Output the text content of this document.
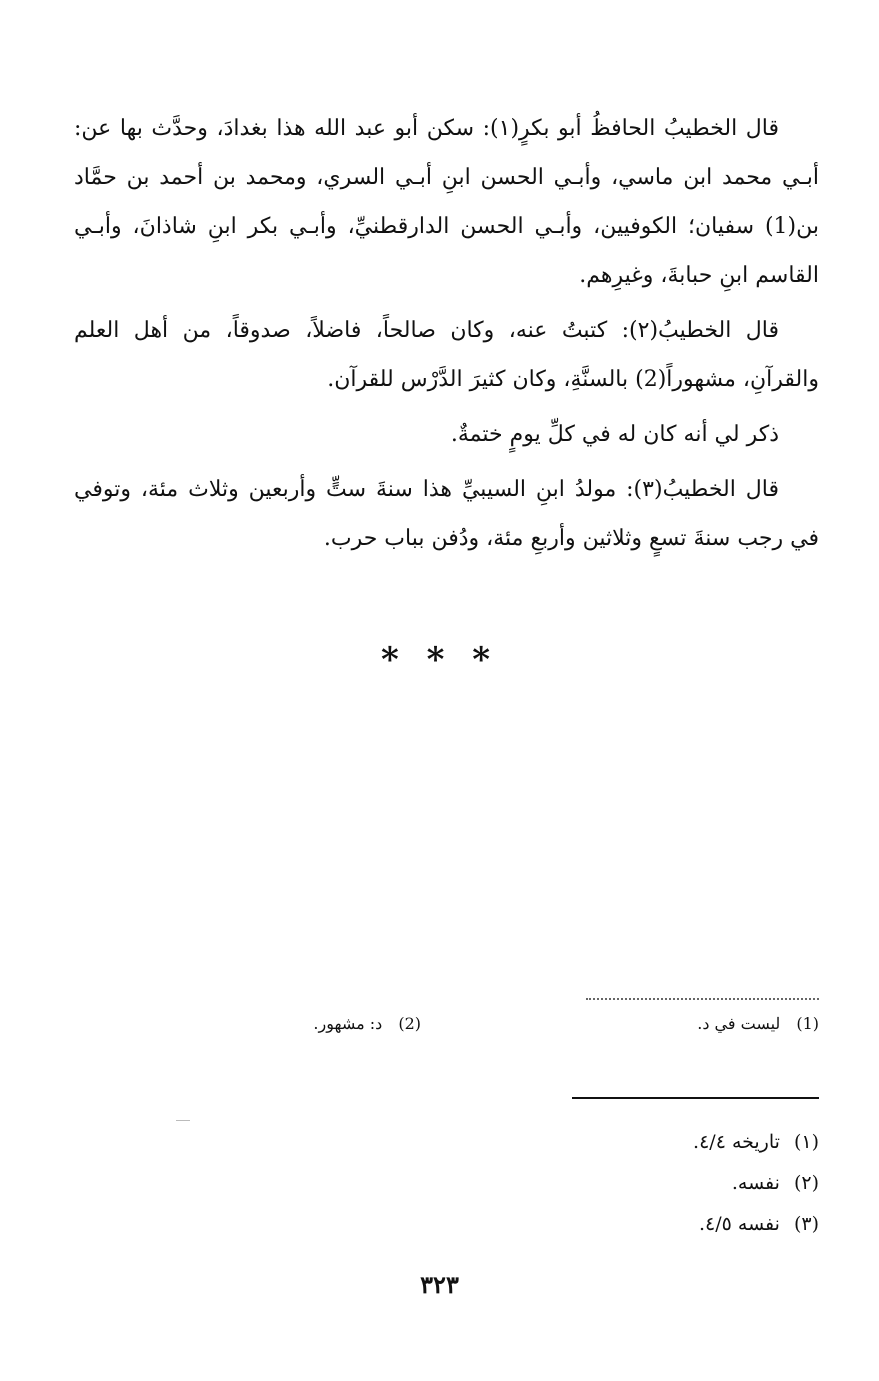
قال الخطيبُ الحافظُ أبو بكرٍ(١): سكن أبو عبد الله هذا بغدادَ، وحدَّث بها عن: أبـي محمد ابن ماسي، وأبـي الحسن ابنِ أبـي السري، ومحمد بن أحمد بن حمَّاد بن(1) سفيان؛ الكوفيين، وأبـي الحسن الدارقطنيِّ، وأبـي بكر ابنِ شاذانَ، وأبـي القاسم ابنِ حبابةَ، وغيرِهم.

قال الخطيبُ(٢): كتبتُ عنه، وكان صالحاً، فاضلاً، صدوقاً، من أهل العلم والقرآنِ، مشهوراً(2) بالسنَّةِ، وكان كثيرَ الدَّرْس للقرآن.

ذكر لي أنه كان له في كلِّ يومٍ ختمةٌ.

قال الخطيبُ(٣): مولدُ ابنِ السيبيِّ هذا سنةَ ستٍّ وأربعين وثلاث مئة، وتوفي في رجب سنةَ تسعٍ وثلاثين وأربعِ مئة، ودُفن بباب حرب.

* * *
(1)ليست في د.
(2)د: مشهور.
(١)تاريخه ٤/٤.
(٢)نفسه.
(٣)نفسه ٤/٥.
٣٢٣
